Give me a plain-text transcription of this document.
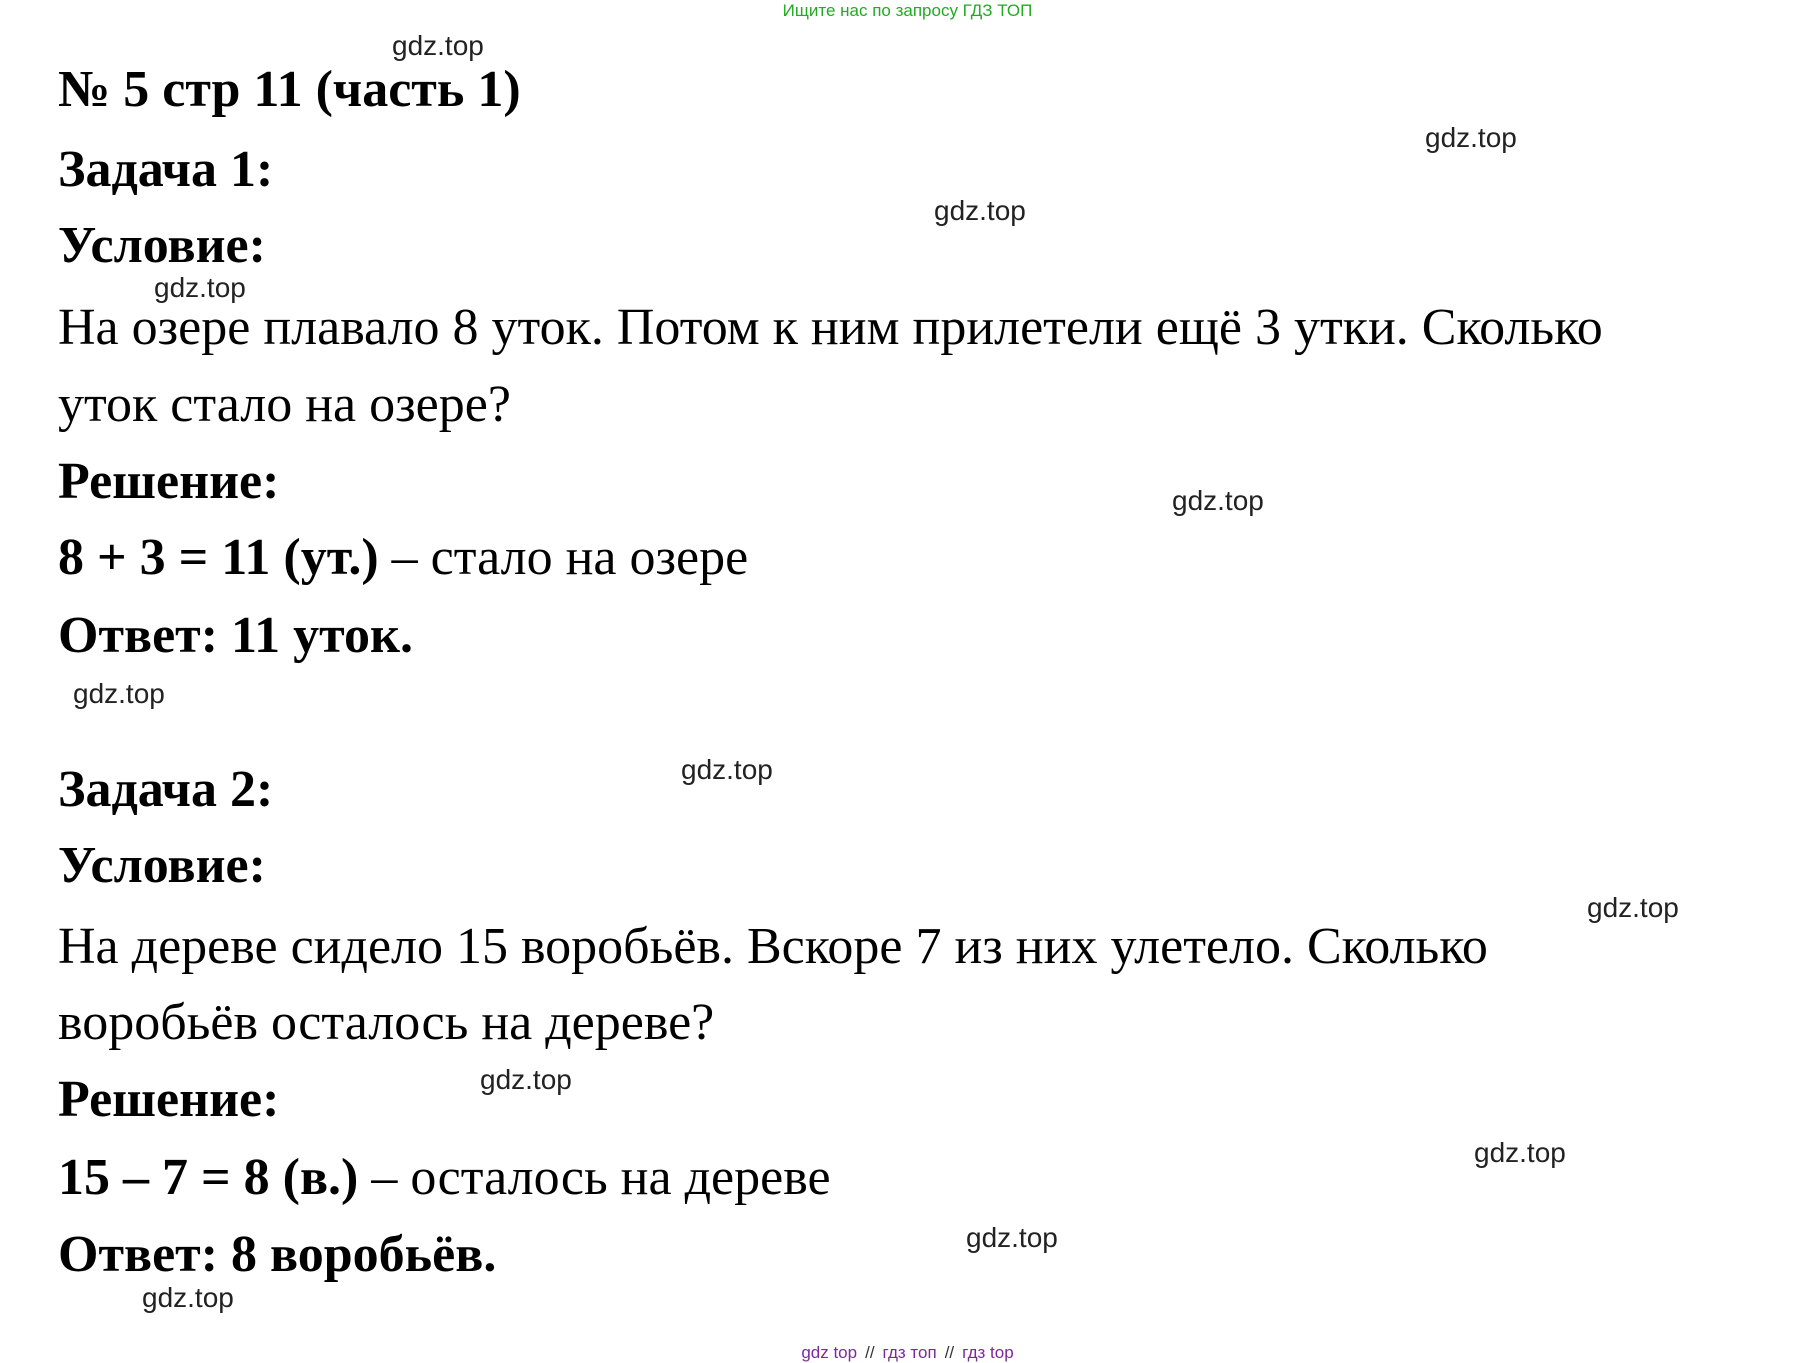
Ищите нас по запросу ГДЗ ТОП
№ 5 стр 11 (часть 1)
Задача 1:
Условие:
На озере плавало 8 уток. Потом к ним прилетели ещё 3 утки. Сколько
уток стало на озере?
Решение:
8 + 3 = 11 (ут.) – стало на озере
Ответ: 11 уток.
Задача 2:
Условие:
На дереве сидело 15 воробьёв. Вскоре 7 из них улетело. Сколько
воробьёв осталось на дереве?
Решение:
15 – 7 = 8 (в.) – осталось на дереве
Ответ: 8 воробьёв.
gdz.top
gdz.top
gdz.top
gdz.top
gdz.top
gdz.top
gdz.top
gdz.top
gdz.top
gdz.top
gdz.top
gdz.top
gdz top // гдз топ // гдз top
